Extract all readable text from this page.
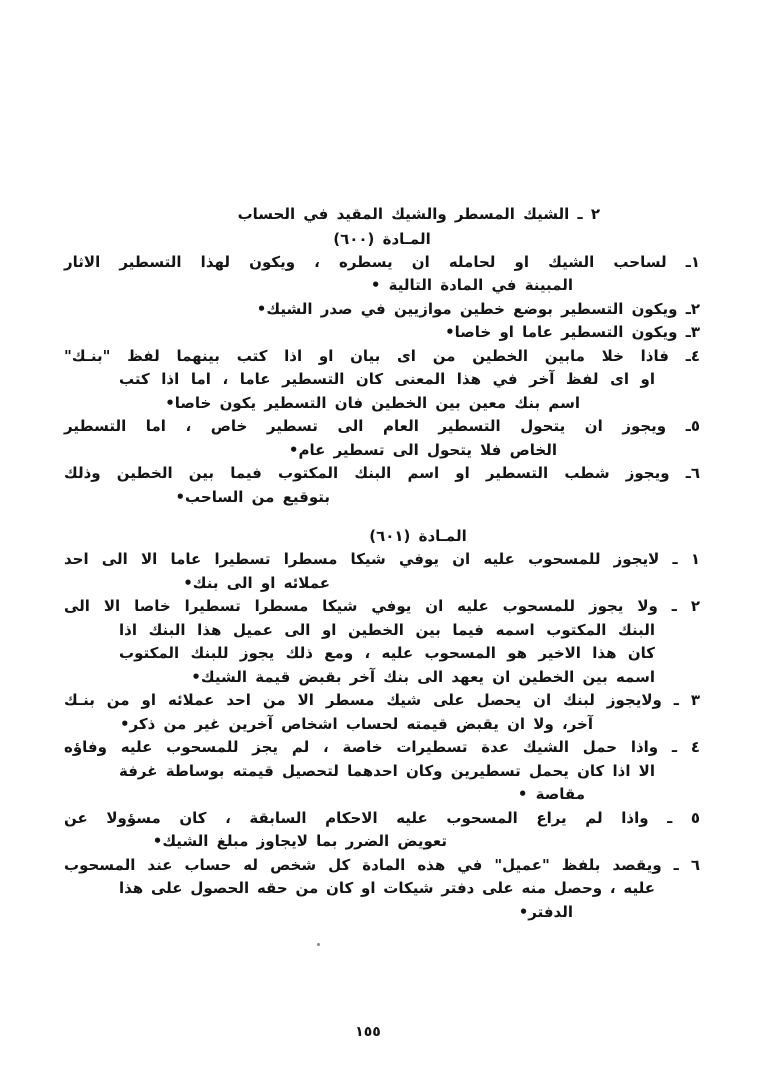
٢ ـ الشيك المسطر والشيك المقيد في الحساب
المـادة (٦٠٠)
١ـ لساحب الشيك او لحامله ان يسطره ، ويكون لهذا التسطير الاثار
المبينة في المادة التالية •
٢ـ ويكون التسطير بوضع خطين موازيين في صدر الشيك•
٣ـ ويكون التسطير عاما او خاصا•
٤ـ فاذا خلا مابين الخطين من اى بيان او اذا كتب بينهما لفظ "بنـك"
او اى لفظ آخر في هذا المعنى كان التسطير عاما ، اما اذا كتب
اسم بنك معين بين الخطين فان التسطير يكون خاصا•
٥ـ ويجوز ان يتحول التسطير العام الى تسطير خاص ، اما التسطير
الخاص فلا يتحول الى تسطير عام•
٦ـ ويجوز شطب التسطير او اسم البنك المكتوب فيما بين الخطين وذلك
بتوقيع من الساحب•
المـادة (٦٠١)
١ ـ لايجوز للمسحوب عليه ان يوفي شيكا مسطرا تسطيرا عاما الا الى احد
عملائه او الى بنك•
٢ ـ ولا يجوز للمسحوب عليه ان يوفي شيكا مسطرا تسطيرا خاصا الا الى
البنك المكتوب اسمه فيما بين الخطين او الى عميل هذا البنك اذا
كان هذا الاخير هو المسحوب عليه ، ومع ذلك يجوز للبنك المكتوب
اسمه بين الخطين ان يعهد الى بنك آخر بقبض قيمة الشيك•
٣ ـ ولايجوز لبنك ان يحصل على شيك مسطر الا من احد عملائه او من بنـك
آخر، ولا ان يقبض قيمته لحساب اشخاص آخرين غير من ذكر•
٤ ـ واذا حمل الشيك عدة تسطيرات خاصة ، لم يجز للمسحوب عليه وفاؤه
الا اذا كان يحمل تسطيرين وكان احدهما لتحصيل قيمته بوساطة غرفة
مقاصة •
٥ ـ واذا لم يراع المسحوب عليه الاحكام السابقة ، كان مسؤولا عن
تعويض الضرر بما لايجاوز مبلغ الشيك•
٦ ـ ويقصد بلفظ "عميل" في هذه المادة كل شخص له حساب عند المسحوب
عليه ، وحصل منه على دفتر شيكات او كان من حقه الحصول على هذا
الدفتر•
١٥٥
